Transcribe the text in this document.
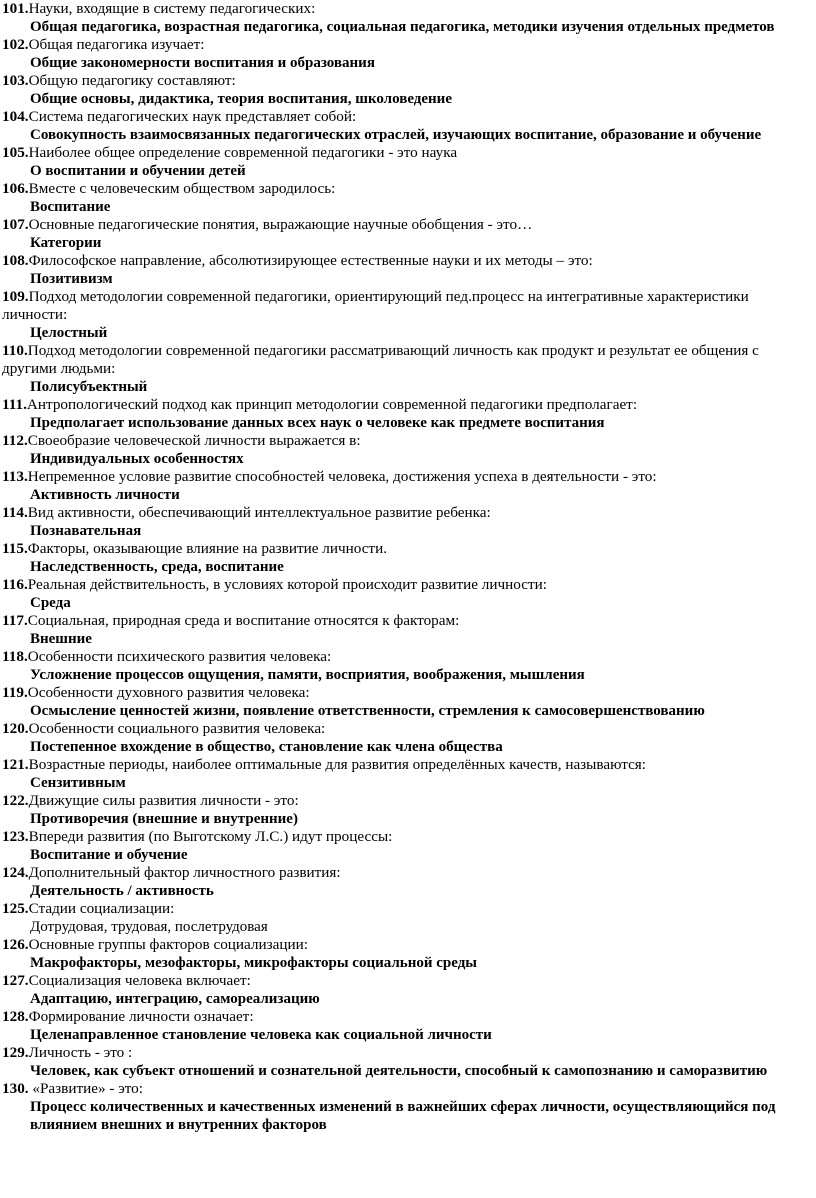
101.Науки, входящие в систему педагогических:
Общая педагогика, возрастная педагогика, социальная педагогика, методики изучения отдельных предметов
102.Общая педагогика изучает:
Общие закономерности воспитания и образования
103.Общую педагогику составляют:
Общие основы, дидактика, теория воспитания, школоведение
104.Система педагогических наук представляет собой:
Совокупность взаимосвязанных педагогических отраслей, изучающих воспитание, образование и обучение
105.Наиболее общее определение современной педагогики - это наука
О воспитании и обучении детей
106.Вместе с человеческим обществом зародилось:
Воспитание
107.Основные педагогические понятия, выражающие научные обобщения - это…
Категории
108.Философское направление, абсолютизирующее естественные науки и их методы – это:
Позитивизм
109.Подход методологии современной педагогики, ориентирующий пед.процесс на интегративные характеристики личности:
Целостный
110.Подход методологии современной педагогики рассматривающий личность как продукт и результат ее общения с другими людьми:
Полисубъектный
111.Антропологический подход как принцип методологии современной педагогики предполагает:
Предполагает использование данных всех наук о человеке как предмете воспитания
112.Своеобразие человеческой личности выражается в:
Индивидуальных особенностях
113.Непременное условие развитие способностей человека, достижения успеха в деятельности - это:
Активность личности
114.Вид активности, обеспечивающий интеллектуальное развитие ребенка:
Познавательная
115.Факторы, оказывающие влияние на развитие личности.
Наследственность, среда, воспитание
116.Реальная действительность, в условиях которой происходит развитие личности:
Среда
117.Социальная, природная среда и воспитание относятся к факторам:
Внешние
118.Особенности психического развития человека:
Усложнение процессов ощущения, памяти, восприятия, воображения, мышления
119.Особенности духовного развития человека:
Осмысление ценностей жизни, появление ответственности, стремления к самосовершенствованию
120.Особенности социального развития человека:
Постепенное вхождение в общество, становление как члена общества
121.Возрастные периоды, наиболее оптимальные для развития определённых качеств, называются:
Сензитивным
122.Движущие силы развития личности - это:
Противоречия (внешние и внутренние)
123.Впереди развития (по Выготскому Л.С.) идут процессы:
Воспитание и обучение
124.Дополнительный фактор личностного развития:
Деятельность / активность
125.Стадии социализации:
Дотрудовая, трудовая, послетрудовая
126.Основные группы факторов социализации:
Макрофакторы, мезофакторы, микрофакторы социальной среды
127.Социализация человека включает:
Адаптацию, интеграцию, самореализацию
128.Формирование личности означает:
Целенаправленное становление человека как социальной личности
129.Личность - это :
Человек, как субъект отношений и сознательной деятельности, способный к самопознанию и саморазвитию
130. «Развитие» - это:
Процесс количественных и качественных изменений в важнейших сферах личности, осуществляющийся под влиянием внешних и внутренних факторов
